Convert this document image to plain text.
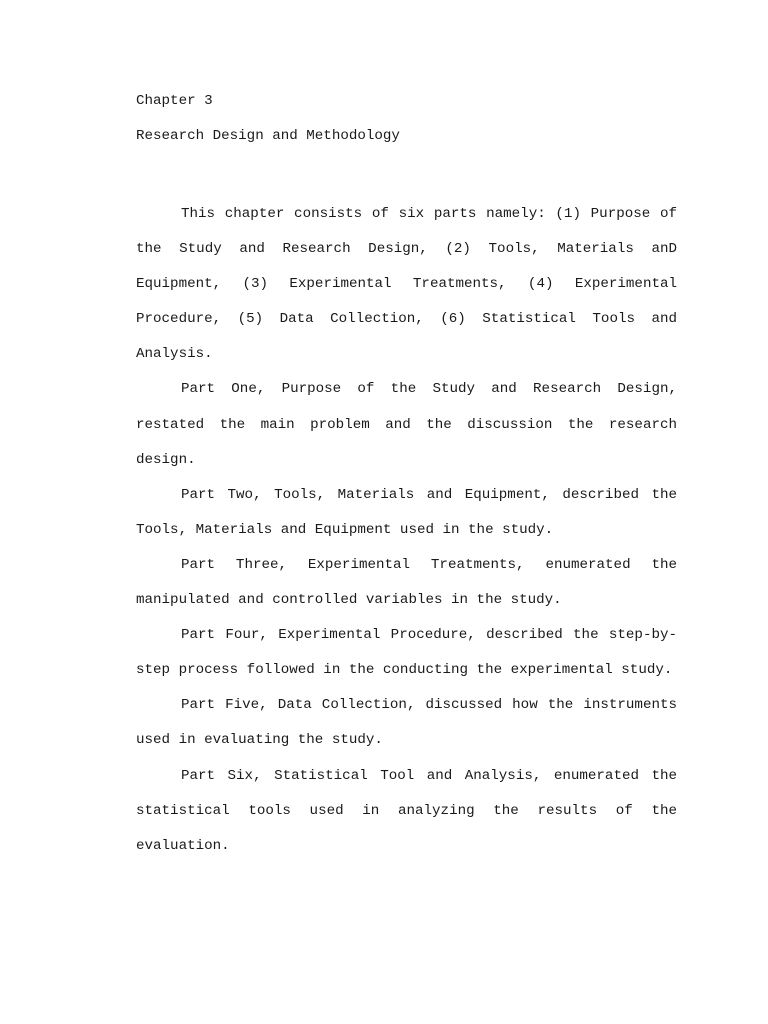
Chapter 3
Research Design and Methodology

This chapter consists of six parts namely: (1) Purpose of the Study and Research Design, (2) Tools, Materials anD Equipment, (3) Experimental Treatments, (4) Experimental Procedure, (5) Data Collection, (6) Statistical Tools and Analysis.

Part One, Purpose of the Study and Research Design, restated the main problem and the discussion the research design.

Part Two, Tools, Materials and Equipment, described the Tools, Materials and Equipment used in the study.

Part Three, Experimental Treatments, enumerated the manipulated and controlled variables in the study.

Part Four, Experimental Procedure, described the step-by-step process followed in the conducting the experimental study.

Part Five, Data Collection, discussed how the instruments used in evaluating the study.

Part Six, Statistical Tool and Analysis, enumerated the statistical tools used in analyzing the results of the evaluation.
